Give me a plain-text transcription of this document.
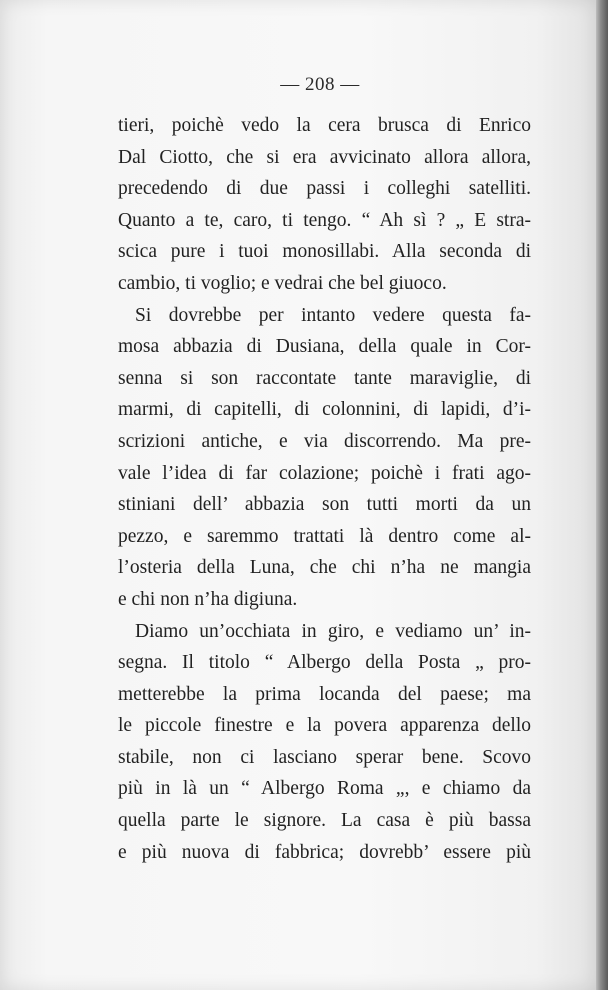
— 208 —
tieri, poichè vedo la cera brusca di Enrico
Dal Ciotto, che si era avvicinato allora allora,
precedendo di due passi i colleghi satelliti.
Quanto a te, caro, ti tengo. “ Ah sì ? „ E stra-
scica pure i tuoi monosillabi. Alla seconda di
cambio, ti voglio; e vedrai che bel giuoco.
Si dovrebbe per intanto vedere questa fa-
mosa abbazia di Dusiana, della quale in Cor-
senna si son raccontate tante maraviglie, di
marmi, di capitelli, di colonnini, di lapidi, d’i-
scrizioni antiche, e via discorrendo. Ma pre-
vale l’idea di far colazione; poichè i frati ago-
stiniani dell’ abbazia son tutti morti da un
pezzo, e saremmo trattati là dentro come al-
l’osteria della Luna, che chi n’ha ne mangia
e chi non n’ha digiuna.
Diamo un’occhiata in giro, e vediamo un’ in-
segna. Il titolo “ Albergo della Posta „ pro-
metterebbe la prima locanda del paese; ma
le piccole finestre e la povera apparenza dello
stabile, non ci lasciano sperar bene. Scovo
più in là un “ Albergo Roma „, e chiamo da
quella parte le signore. La casa è più bassa
e più nuova di fabbrica; dovrebb’ essere più
